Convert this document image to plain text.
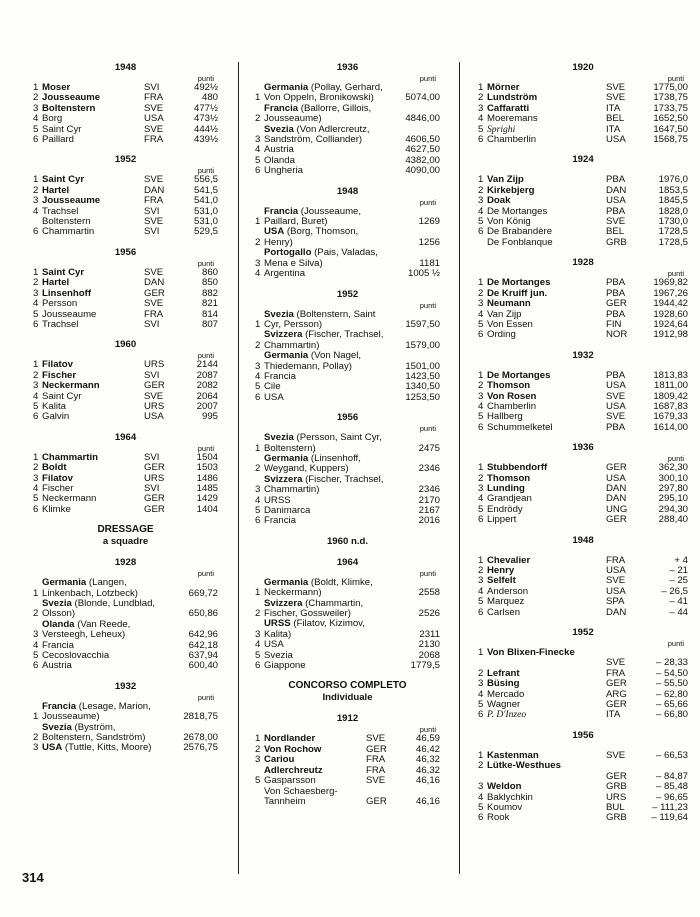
1948
punti
1 Moser	SVI	492½
2 Jousseaume	FRA	480
3 Boltenstern	SVE	477½
4 Borg	USA	473½
5 Saint Cyr	SVE	444½
6 Paillard	FRA	439½
1952
punti
1 Saint Cyr	SVE	556,5
2 Hartel	DAN	541,5
3 Jousseaume	FRA	541,0
4 Trachsel	SVI	531,0
Boltenstern	SVE	531,0
6 Chammartin	SVI	529,5
1956
punti
1 Saint Cyr	SVE	860
2 Hartel	DAN	850
3 Linsenhoff	GER	882
4 Persson	SVE	821
5 Jousseaume	FRA	814
6 Trachsel	SVI	807
1960
punti
1 Filatov	URS	2144
2 Fischer	SVI	2087
3 Neckermann	GER	2082
4 Saint Cyr	SVE	2064
5 Kalita	URS	2007
6 Galvin	USA	995
1964
punti
1 Chammartin	SVI	1504
2 Boldt	GER	1503
3 Filatov	URS	1486
4 Fischer	SVI	1485
5 Neckermann	GER	1429
6 Klimke	GER	1404
DRESSAGE
a squadre
1928
punti
1
Germania (Langen, Linkenbach, Lotzbeck)	669,72
2
Svezia (Blonde, Lundblad, Olsson)	650,86
3
Olanda (Van Reede, Versteegh, Leheux)	642,96
4 Francia	642,18
5 Cecoslovacchia	637,94
6 Austria	600,40
1932
punti
1
Francia (Lesage, Marion, Jousseaume)	2818,75
2
Svezia (Byström, Boltenstern, Sandström)	2678,00
3 USA (Tuttle, Kitts, Moore)	2576,75
1936
punti
1
Germania (Pollay, Gerhard, Von Oppeln, Bronikowski)	5074,00
2
Francia (Ballorre, Gillois, Jousseaume)	4846,00
3
Svezia (Von Adlercreutz, Sandström, Colliander)	4606,50
4 Austria	4627,50
5 Olanda	4382,00
6 Ungheria	4090,00
1948
punti
1
Francia (Jousseaume, Paillard, Buret)	1269
2
USA (Borg, Thomson, Henry)	1256
3
Portogallo (Pais, Valadas, Mena e Silva)	1181
4 Argentina	1005 ½
1952
punti
1
Svezia (Boltenstern, Saint Cyr, Persson)	1597,50
2
Svizzera (Fischer, Trachsel, Chammartin)	1579,00
3
Germania (Von Nagel, Thiedemann, Pollay)	1501,00
4 Francia	1423,50
5 Cile	1340,50
6 USA	1253,50
1956
punti
1
Svezia (Persson, Saint Cyr, Boltenstern)	2475
2
Germania (Linsenhoff, Weygand, Kuppers)	2346
3
Svizzera (Fischer, Trachsel, Chammartin)	2346
4 URSS	2170
5 Danimarca	2167
6 Francia	2016
1960 n.d.
1964
punti
1
Germania (Boldt, Klimke, Neckermann)	2558
2
Svizzera (Chammartin, Fischer, Gossweiler)	2526
3
URSS (Filatov, Kizimov, Kalita)	2311
4 USA	2130
5 Svezia	2068
6 Giappone	1779,5
CONCORSO COMPLETO
Individuale
1912
punti
1 Nordlander	SVE	46,59
2 Von Rochow	GER	46,42
3 Cariou	FRA	46,32
Adlerchreutz	FRA	46,32
5 Gasparsson	SVE	46,16
Von Schaesberg-
Tannheim	GER	46,16
1920
punti
1 Mörner	SVE	1775,00
2 Lundström	SVE	1738,75
3 Caffaratti	ITA	1733,75
4 Moeremans	BEL	1652,50
5 Sprighi	ITA	1647,50
6 Chamberlin	USA	1568,75
1924
1 Van Zijp	PBA	1976,0
2 Kirkebjerg	DAN	1853,5
3 Doak	USA	1845,5
4 De Mortanges	PBA	1828,0
5 Von König	SVE	1730,0
6 De Brabandère	BEL	1728,5
De Fonblanque	GRB	1728,5
1928
punti
1 De Mortanges	PBA	1969,82
2 De Kruiff jun.	PBA	1967,26
3 Neumann	GER	1944,42
4 Van Zijp	PBA	1928,60
5 Von Essen	FIN	1924,64
6 Ording	NOR	1912,98
1932
1 De Mortanges	PBA	1813,83
2 Thomson	USA	1811,00
3 Von Rosen	SVE	1809,42
4 Chamberlin	USA	1687,83
5 Hallberg	SVE	1679,33
6 Schummelketel	PBA	1614,00
1936
punti
1 Stubbendorff	GER	362,30
2 Thomson	USA	300,10
3 Lunding	DAN	297,80
4 Grandjean	DAN	295,10
5 Endrödy	UNG	294,30
6 Lippert	GER	288,40
1948
1 Chevalier	FRA	+ 4
2 Henry	USA	– 21
3 Selfelt	SVE	– 25
4 Anderson	USA	– 26,5
5 Marquez	SPA	– 41
6 Carlsen	DAN	– 44
1952
punti
1 Von Blixen-Finecke
SVE	– 28,33
2 Lefrant	FRA	– 54,50
3 Büsing	GER	– 55,50
4 Mercado	ARG	– 62,80
5 Wagner	GER	– 65,66
6 P. D'Inzeo	ITA	– 66,80
1956
1 Kastenman	SVE	– 66,53
2 Lütke-Westhues
GER	– 84,87
3 Weldon	GRB	– 85,48
4 Baklychkin	URS	– 96,65
5 Koumov	BUL	– 111,23
6 Rook	GRB	– 119,64
314
